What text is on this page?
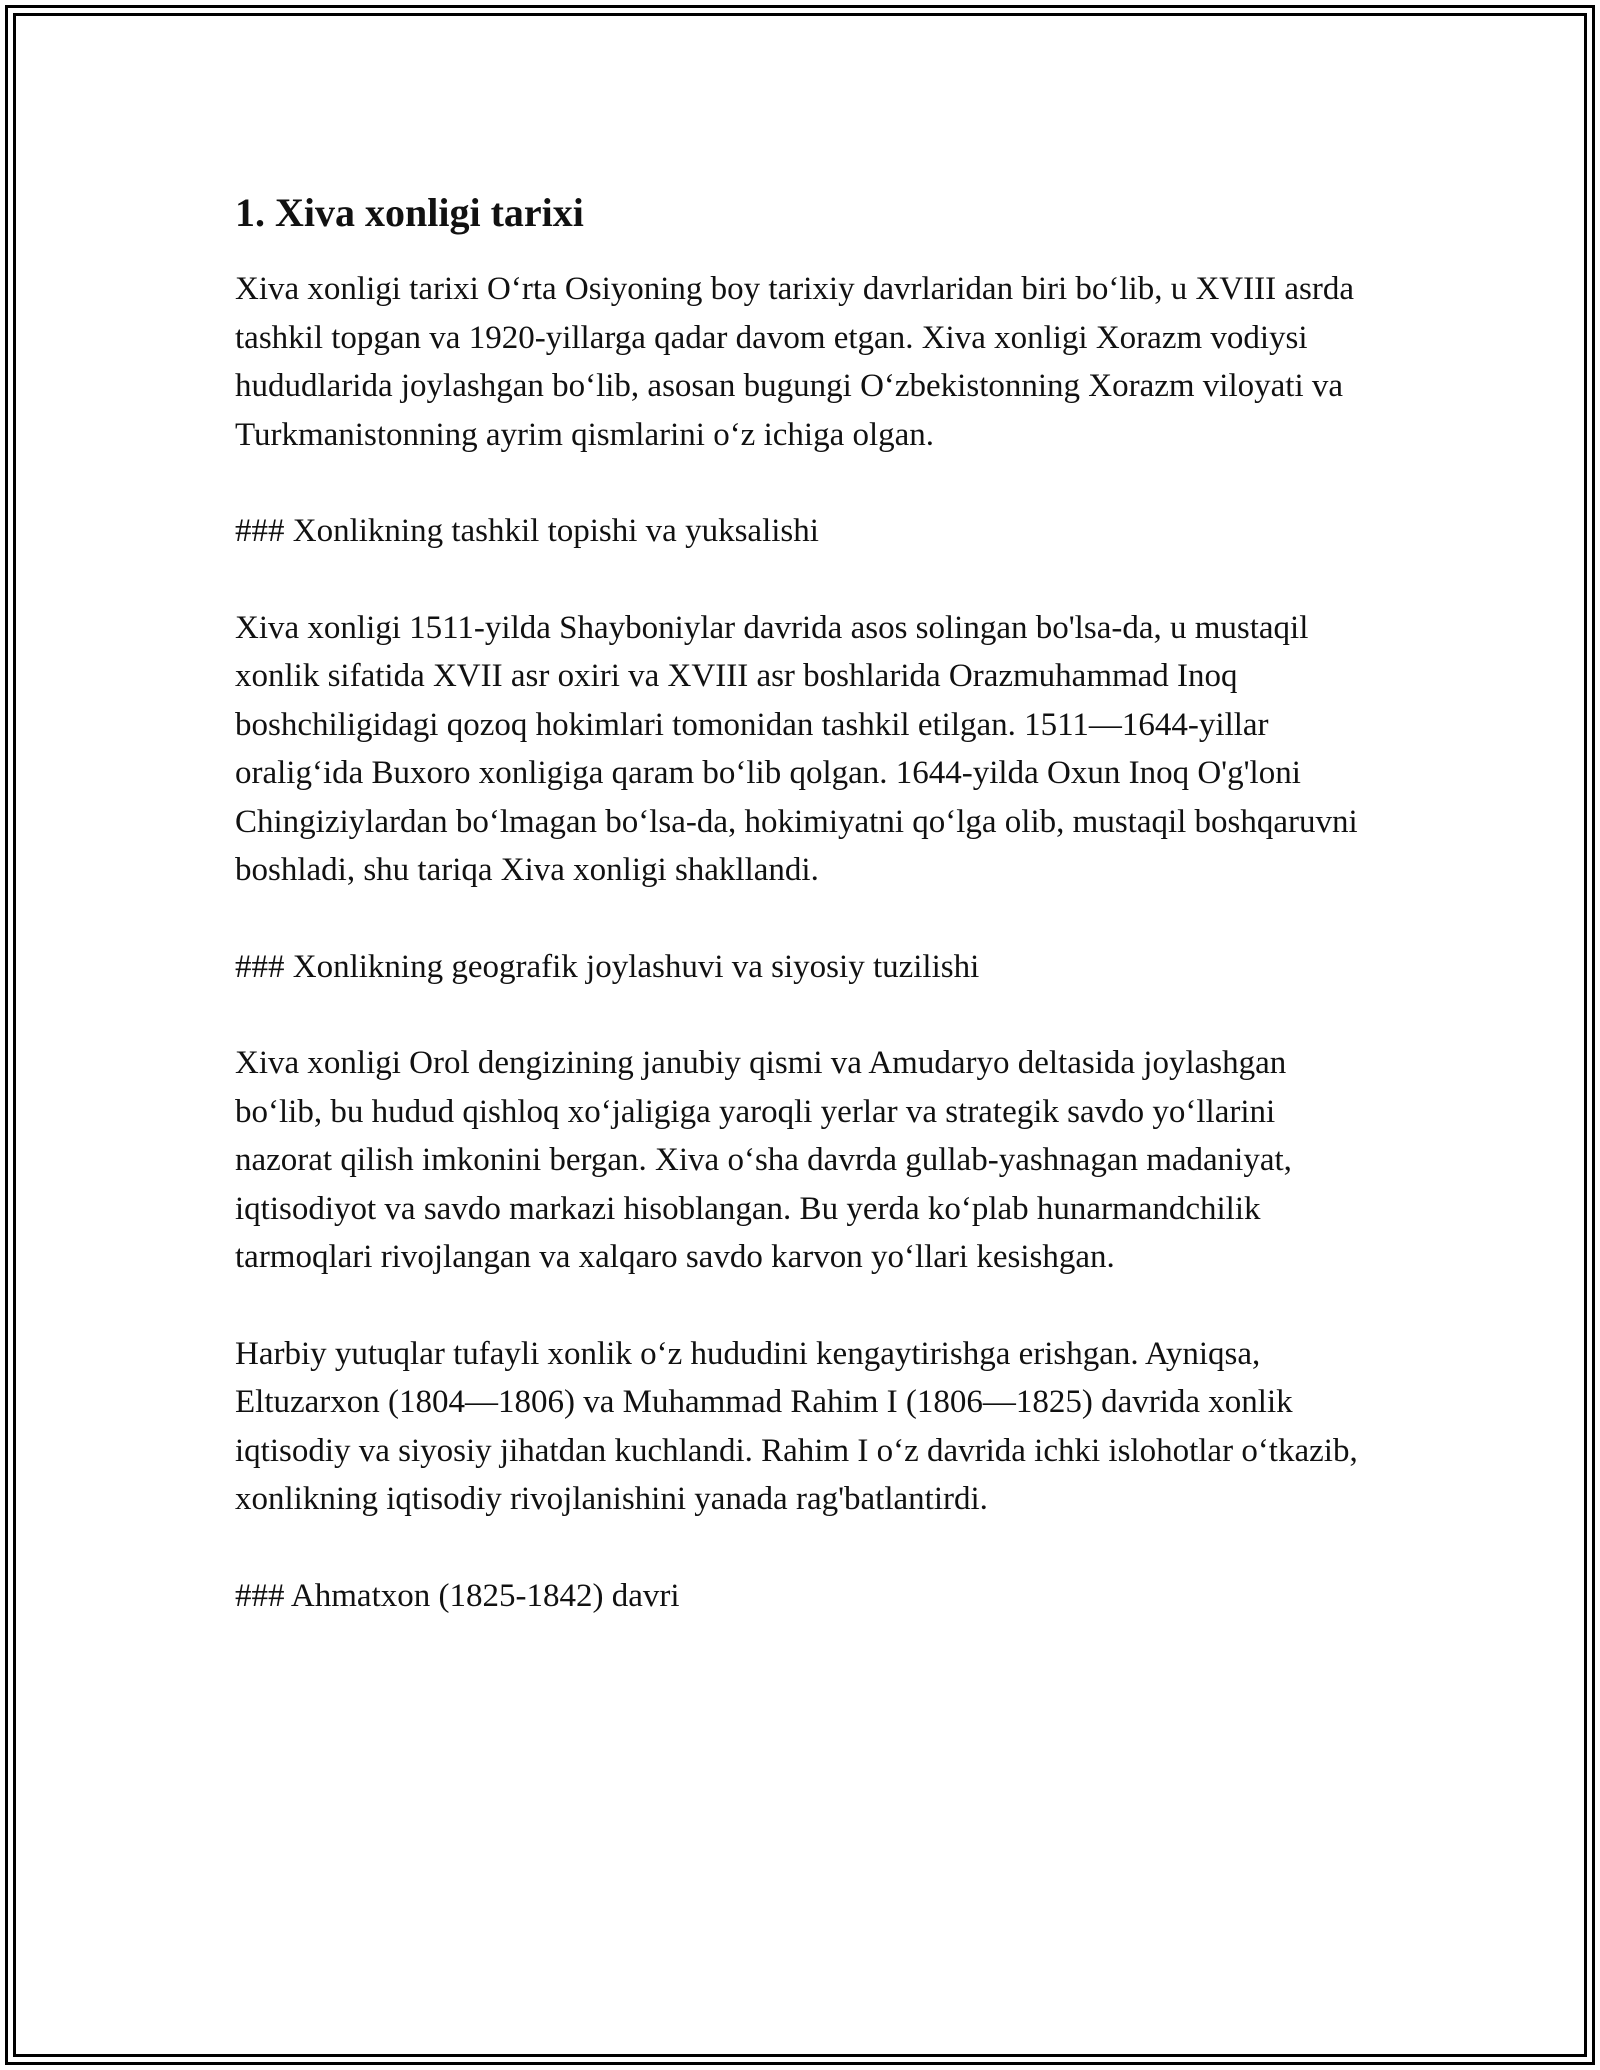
1. Xiva xonligi tarixi

Xiva xonligi tarixi O‘rta Osiyoning boy tarixiy davrlaridan biri bo‘lib, u XVIII asrda tashkil topgan va 1920-yillarga qadar davom etgan. Xiva xonligi Xorazm vodiysi hududlarida joylashgan bo‘lib, asosan bugungi O‘zbekistonning Xorazm viloyati va Turkmanistonning ayrim qismlarini o‘z ichiga olgan.

### Xonlikning tashkil topishi va yuksalishi

Xiva xonligi 1511-yilda Shayboniylar davrida asos solingan bo'lsa-da, u mustaqil xonlik sifatida XVII asr oxiri va XVIII asr boshlarida Orazmuhammad Inoq boshchiligidagi qozoq hokimlari tomonidan tashkil etilgan. 1511—1644-yillar oralig‘ida Buxoro xonligiga qaram bo‘lib qolgan. 1644-yilda Oxun Inoq O'g'loni Chingiziylardan bo‘lmagan bo‘lsa-da, hokimiyatni qo‘lga olib, mustaqil boshqaruvni boshladi, shu tariqa Xiva xonligi shakllandi.

### Xonlikning geografik joylashuvi va siyosiy tuzilishi

Xiva xonligi Orol dengizining janubiy qismi va Amudaryo deltasida joylashgan bo‘lib, bu hudud qishloq xo‘jaligiga yaroqli yerlar va strategik savdo yo‘llarini nazorat qilish imkonini bergan. Xiva o‘sha davrda gullab-yashnagan madaniyat, iqtisodiyot va savdo markazi hisoblangan. Bu yerda ko‘plab hunarmandchilik tarmoqlari rivojlangan va xalqaro savdo karvon yo‘llari kesishgan.

Harbiy yutuqlar tufayli xonlik o‘z hududini kengaytirishga erishgan. Ayniqsa, Eltuzarxon (1804—1806) va Muhammad Rahim I (1806—1825) davrida xonlik iqtisodiy va siyosiy jihatdan kuchlandi. Rahim I o‘z davrida ichki islohotlar o‘tkazib, xonlikning iqtisodiy rivojlanishini yanada rag'batlantirdi.

### Ahmatxon (1825-1842) davri
